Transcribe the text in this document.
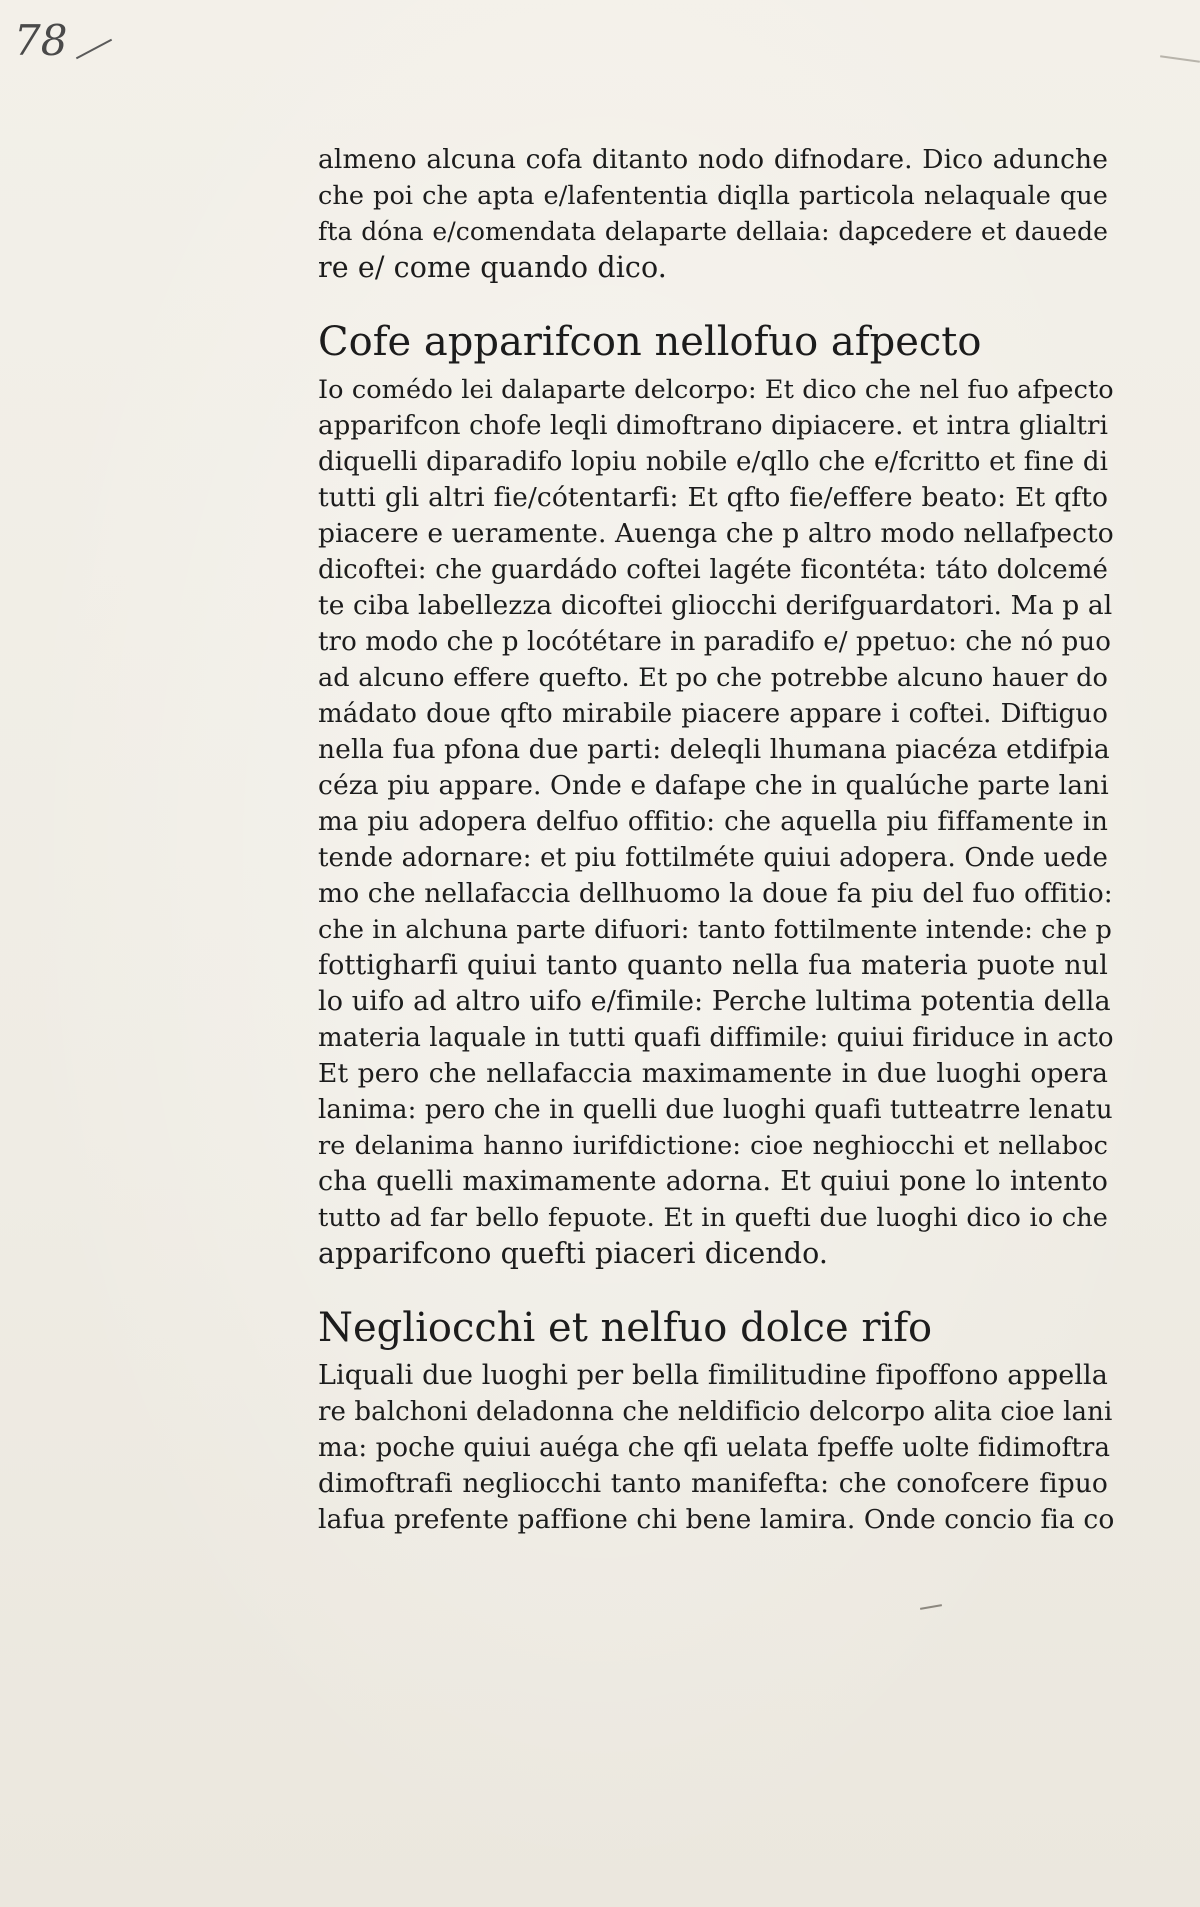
78
almeno alcuna cofa ditanto nodo difnodare. Dico adunche
che poi che apta e/lafententia diqlla particola nelaquale que
fta dóna e/comendata delaparte dellaia: daꝑcedere et dauede
re e/ come quando dico.
Cofe apparifcon nellofuo afpecto
Io comédo lei dalaparte delcorpo: Et dico che nel fuo afpecto
apparifcon chofe leqli dimoftrano dipiacere. et intra glialtri
diquelli diparadifo lopiu nobile e/qllo che e/fcritto et fine di
tutti gli altri fie/cótentarfi: Et qfto fie/effere beato: Et qfto
piacere e ueramente. Auenga che p altro modo nellafpecto
dicoftei: che guardádo coftei lagéte ficontéta: táto dolcemé
te ciba labellezza dicoftei gliocchi derifguardatori. Ma p al
tro modo che p locótétare in paradifo e/ ppetuo: che nó puo
ad alcuno effere quefto. Et po che potrebbe alcuno hauer do
mádato doue qfto mirabile piacere appare i coftei. Diftiguo
nella fua pfona due parti: deleqli lhumana piacéza etdifpia
céza piu appare. Onde e dafape che in qualúche parte lani
ma piu adopera delfuo offitio: che aquella piu fiffamente in
tende adornare: et piu fottilméte quiui adopera. Onde uede
mo che nellafaccia dellhuomo la doue fa piu del fuo offitio:
che in alchuna parte difuori: tanto fottilmente intende: che p
fottigharfi quiui tanto quanto nella fua materia puote nul
lo uifo ad altro uifo e/fimile: Perche lultima potentia della
materia laquale in tutti quafi diffimile: quiui firiduce in acto
Et pero che nellafaccia maximamente in due luoghi opera
lanima: pero che in quelli due luoghi quafi tutteatrre lenatu
re delanima hanno iurifdictione: cioe neghiocchi et nellaboc
cha quelli maximamente adorna. Et quiui pone lo intento
tutto ad far bello fepuote. Et in quefti due luoghi dico io che
apparifcono quefti piaceri dicendo.
Negliocchi et nelfuo dolce rifo
Liquali due luoghi per bella fimilitudine fipoffono appella
re balchoni deladonna che neldificio delcorpo alita cioe lani
ma: poche quiui auéga che qfi uelata fpeffe uolte fidimoftra
dimoftrafi negliocchi tanto manifefta: che conofcere fipuo
lafua prefente paffione chi bene lamira. Onde concio fia co
